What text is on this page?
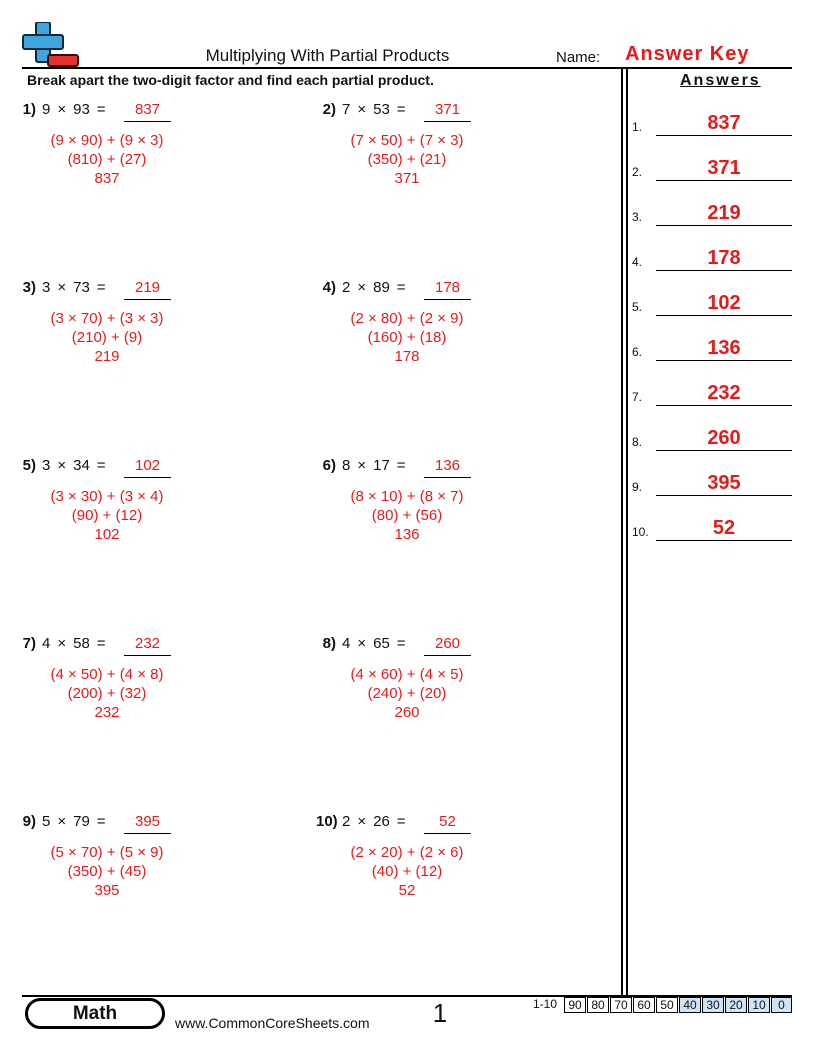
Multiplying With Partial Products	Name: Answer Key
Break apart the two-digit factor and find each partial product.
1) 9 × 93 =	837
(9 × 90) + (9 × 3)
(810) + (27)
837
2) 7 × 53 =	371
(7 × 50) + (7 × 3)
(350) + (21)
371
3) 3 × 73 =	219
(3 × 70) + (3 × 3)
(210) + (9)
219
4) 2 × 89 =	178
(2 × 80) + (2 × 9)
(160) + (18)
178
5) 3 × 34 =	102
(3 × 30) + (3 × 4)
(90) + (12)
102
6) 8 × 17 =	136
(8 × 10) + (8 × 7)
(80) + (56)
136
7) 4 × 58 =	232
(4 × 50) + (4 × 8)
(200) + (32)
232
8) 4 × 65 =	260
(4 × 60) + (4 × 5)
(240) + (20)
260
9) 5 × 79 =	395
(5 × 70) + (5 × 9)
(350) + (45)
395
10) 2 × 26 =	52
(2 × 20) + (2 × 6)
(40) + (12)
52
Answers
1.	837
2.	371
3.	219
4.	178
5.	102
6.	136
7.	232
8.	260
9.	395
10.	52
Math	www.CommonCoreSheets.com	1	1-10 90 80 70 60 50 40 30 20 10	0
